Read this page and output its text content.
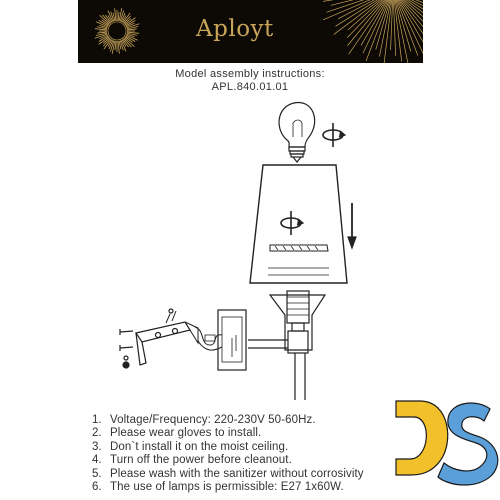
Aployt
Model assembly instructions:
APL.840.01.01
1. Voltage/Frequency: 220-230V 50-60Hz.
2. Please wear gloves to install.
3. Don`t install it on the moist ceiling.
4. Turn off the power before cleanout.
5. Please wash with the sanitizer without corrosivity
6. The use of lamps is permissible: E27 1x60W.
